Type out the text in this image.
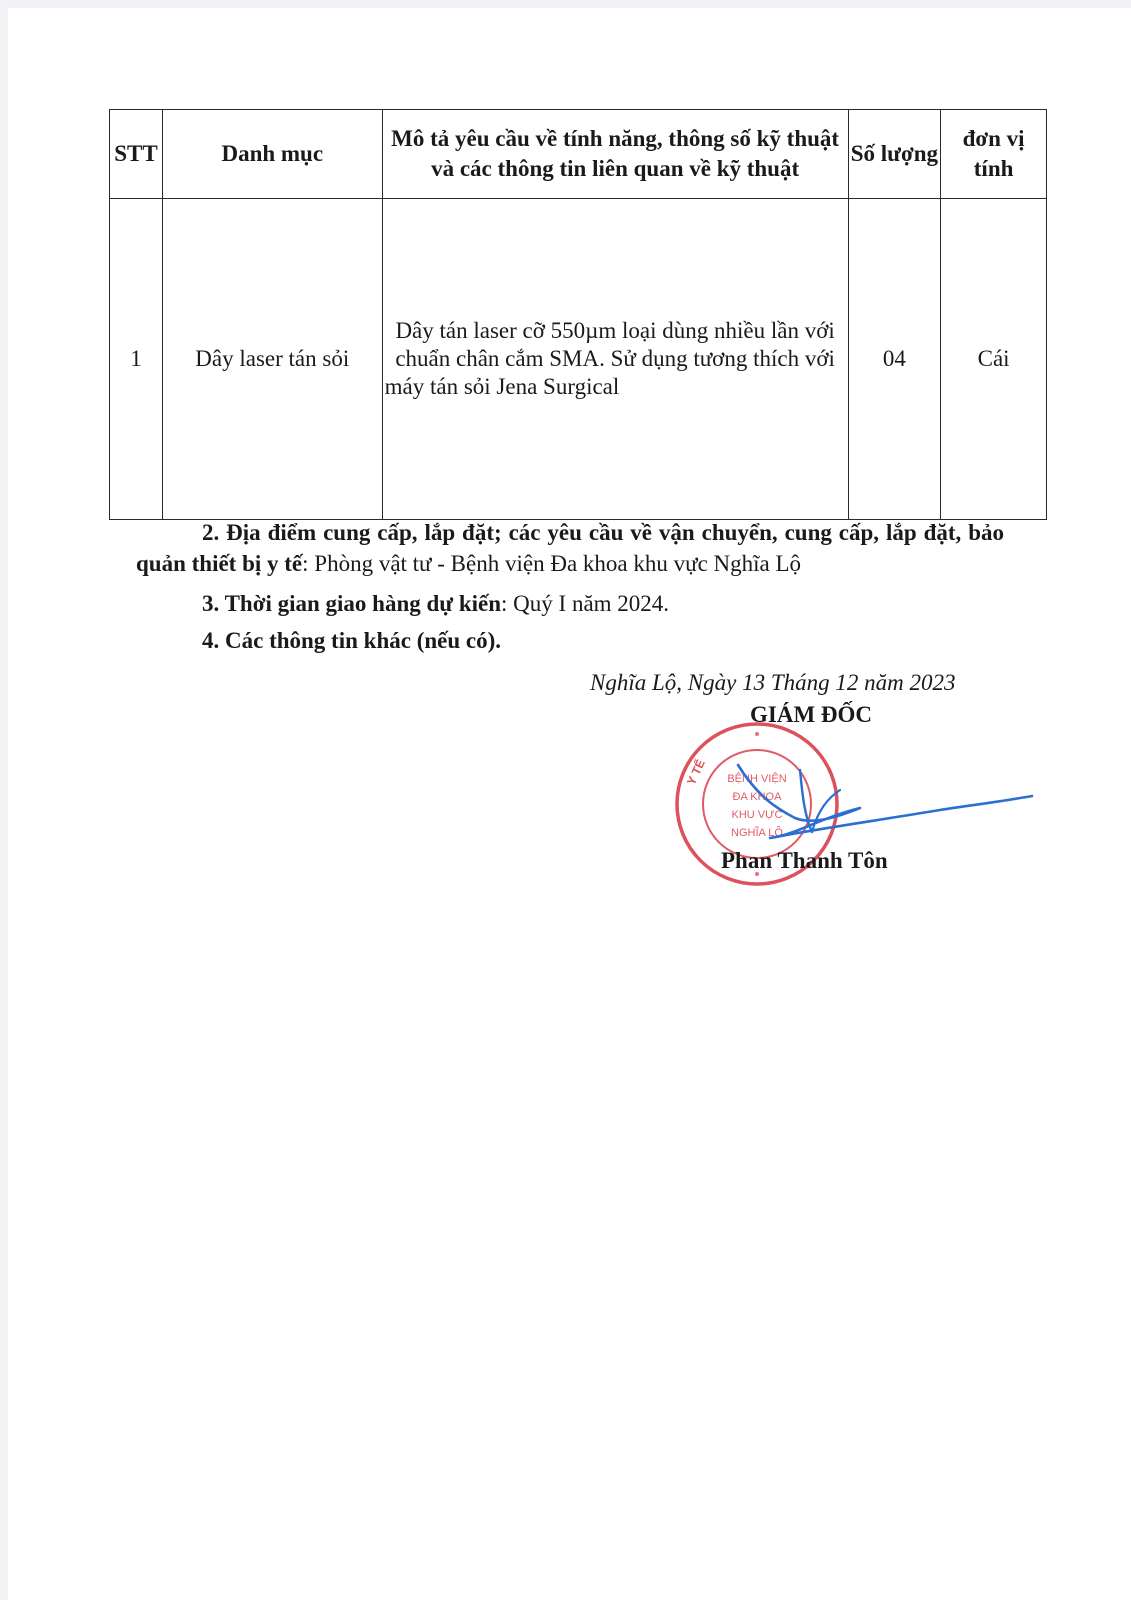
STT	Danh mục	Mô tả yêu cầu về tính năng, thông số kỹ thuật và các thông tin liên quan về kỹ thuật	Số lượng	đơn vị tính
1	Dây laser tán sỏi	Dây tán laser cỡ 550µm loại dùng nhiều lần với chuẩn chân cắm SMA. Sử dụng tương thích với máy tán sỏi Jena Surgical	04	Cái
2. Địa điểm cung cấp, lắp đặt; các yêu cầu về vận chuyển, cung cấp, lắp đặt, bảo quản thiết bị y tế: Phòng vật tư - Bệnh viện Đa khoa khu vực Nghĩa Lộ
3. Thời gian giao hàng dự kiến: Quý I năm 2024.
4. Các thông tin khác (nếu có).
Nghĩa Lộ, Ngày 13 Tháng 12 năm 2023
Y TẾ BỆNH VIỆN
ĐA KHOA
KHU VỰC
NGHĨA LỘ
GIÁM ĐỐC
Phan Thanh Tôn
